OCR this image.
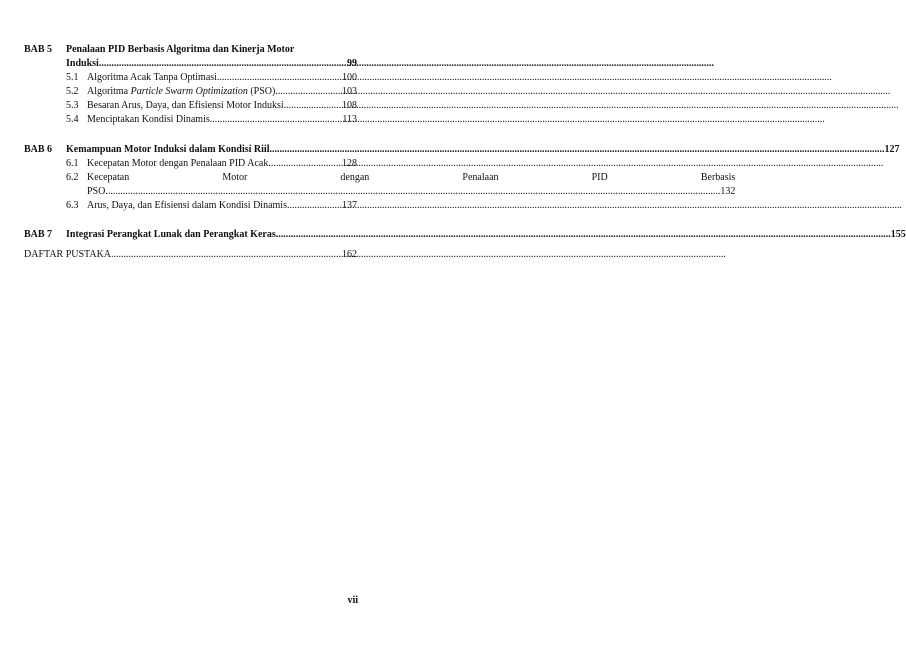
BAB 5	Penalaan PID Berbasis Algoritma dan Kinerja Motor
Induksi .....	99
5.1 Algoritma Acak Tanpa Optimasi .....	100
5.2 Algoritma Particle Swarm Optimization (PSO) .....	103
5.3 Besaran Arus, Daya, dan Efisiensi Motor Induksi .....	108
5.4 Menciptakan Kondisi Dinamis .....	113
BAB 6	Kemampuan Motor Induksi dalam Kondisi Riil .....	127
6.1 Kecepatan Motor dengan Penalaan PID Acak .....	128
6.2 Kecepatan	Motor	dengan	Penalaan	PID	Berbasis
PSO .....	132
6.3 Arus, Daya, dan Efisiensi dalam Kondisi Dinamis .....	137
BAB 7	Integrasi Perangkat Lunak dan Perangkat Keras .....	155
DAFTAR PUSTAKA .....	162
vii
